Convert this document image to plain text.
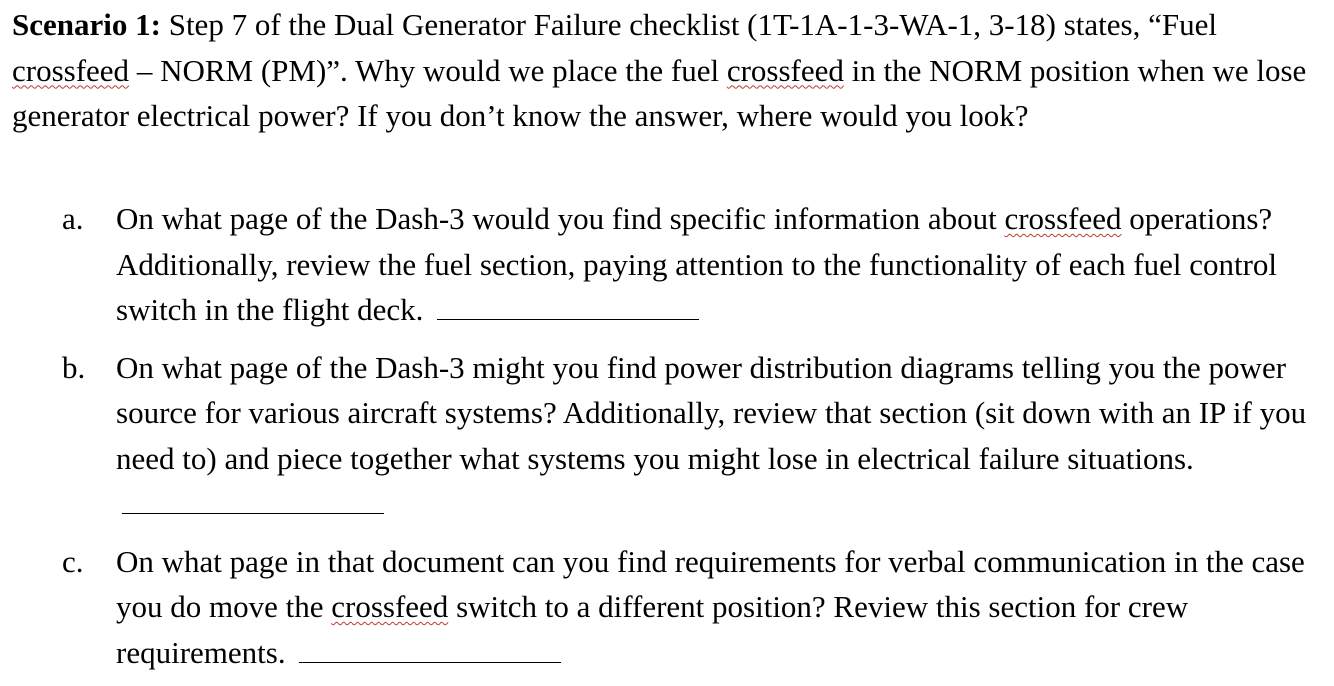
Scenario 1: Step 7 of the Dual Generator Failure checklist (1T-1A-1-3-WA-1, 3-18) states, “Fuel crossfeed – NORM (PM)”. Why would we place the fuel crossfeed in the NORM position when we lose generator electrical power? If you don’t know the answer, where would you look?

a. On what page of the Dash-3 would you find specific information about crossfeed operations? Additionally, review the fuel section, paying attention to the functionality of each fuel control switch in the flight deck.
b. On what page of the Dash-3 might you find power distribution diagrams telling you the power source for various aircraft systems? Additionally, review that section (sit down with an IP if you need to) and piece together what systems you might lose in electrical failure situations.
c. On what page in that document can you find requirements for verbal communication in the case you do move the crossfeed switch to a different position? Review this section for crew requirements.
